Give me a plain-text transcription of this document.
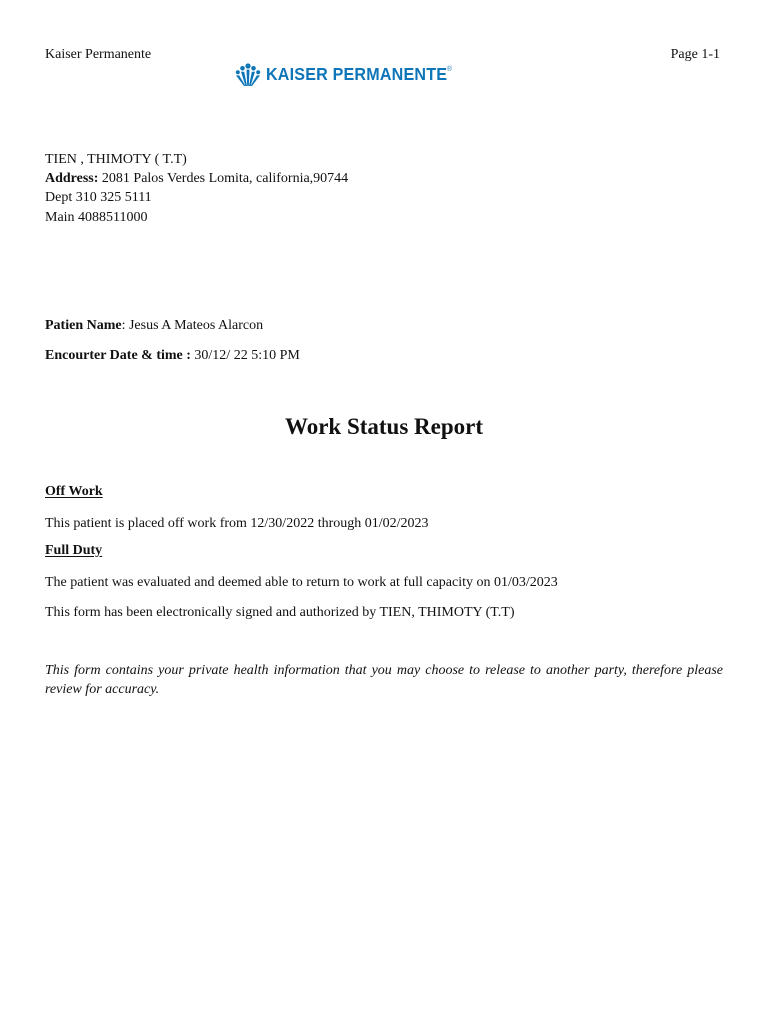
Kaiser Permanente	Page 1-1
KAISER PERMANENTE®
TIEN , THIMOTY ( T.T)
Address: 2081 Palos Verdes Lomita, california,90744
Dept 310 325 5111
Main 4088511000
Patien Name: Jesus A Mateos Alarcon
Encourter Date & time : 30/12/ 22 5:10 PM
Work Status Report
Off Work
This patient is placed off work from 12/30/2022 through 01/02/2023
Full Duty
The patient was evaluated and deemed able to return to work at full capacity on 01/03/2023
This form has been electronically signed and authorized by TIEN, THIMOTY (T.T)
This form contains your private health information that you may choose to release to another party, therefore please review for accuracy.
